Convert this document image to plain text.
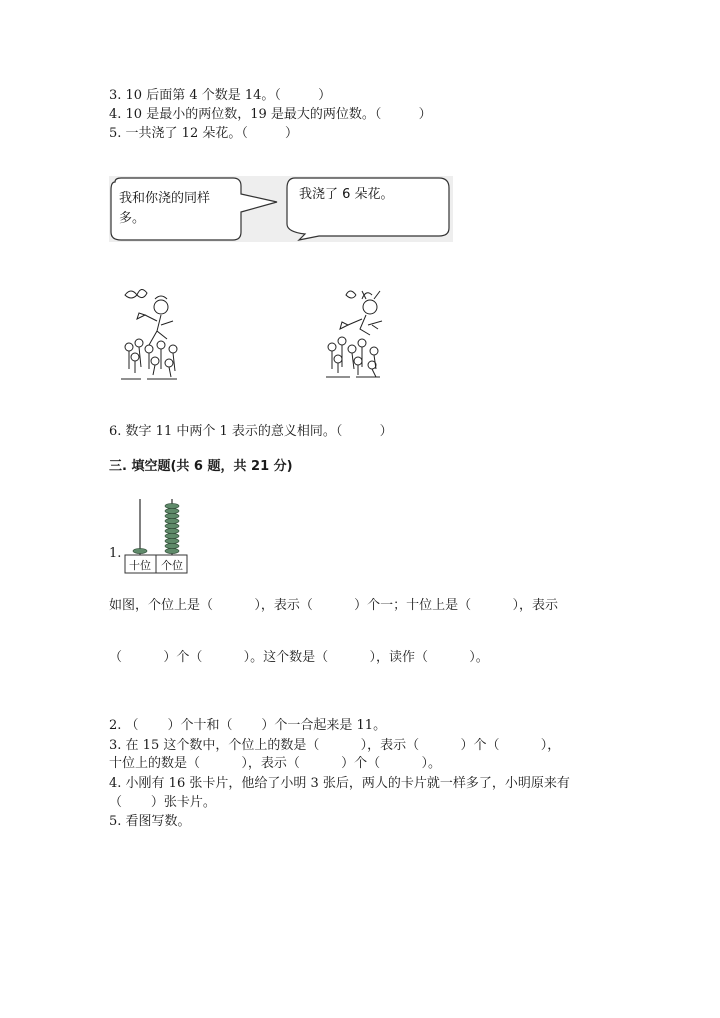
3. 10 后面第 4 个数是 14。（         ）
4. 10 是最小的两位数，19 是最大的两位数。（         ）
5. 一共浇了 12 朵花。（         ）
我和你浇的同样
多。
我浇了 6 朵花。
6. 数字 11 中两个 1 表示的意义相同。（         ）
三. 填空题(共 6 题，共 21 分)
1.
十位 个位
如图，个位上是（          ），表示（          ）个一；十位上是（          ），表示
（          ）个（          ）。这个数是（          ），读作（          ）。
2. （       ）个十和（       ）个一合起来是 11。
3. 在 15 这个数中，个位上的数是（          ），表示（          ）个（          ），
十位上的数是（          ），表示（          ）个（          ）。
4. 小刚有 16 张卡片，他给了小明 3 张后，两人的卡片就一样多了，小明原来有
（       ）张卡片。
5. 看图写数。
